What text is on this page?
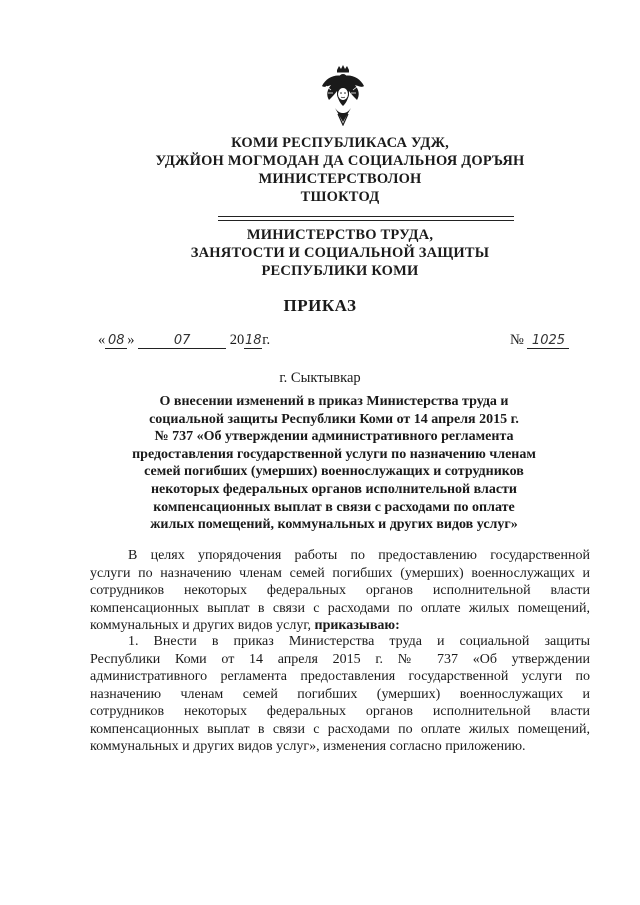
КОМИ РЕСПУБЛИКАСА УДЖ,
УДЖЙОН МОГМОДАН ДА СОЦИАЛЬНОЯ ДОРЪЯН
МИНИСТЕРСТВОЛОН
ТШОКТОД
МИНИСТЕРСТВО ТРУДА,
ЗАНЯТОСТИ И СОЦИАЛЬНОЙ ЗАЩИТЫ
РЕСПУБЛИКИ КОМИ
ПРИКАЗ
« 08 »	07	2018г.	№ 1025
г. Сыктывкар
О внесении изменений в приказ Министерства труда и
социальной защиты Республики Коми от 14 апреля 2015 г.
№ 737 «Об утверждении административного регламента
предоставления государственной услуги по назначению членам
семей погибших (умерших) военнослужащих и сотрудников
некоторых федеральных органов исполнительной власти
компенсационных выплат в связи с расходами по оплате
жилых помещений, коммунальных и других видов услуг»
В целях упорядочения работы по предоставлению государственной
услуги по назначению членам семей погибших (умерших) военнослужащих и
сотрудников некоторых федеральных органов исполнительной власти
компенсационных выплат в связи с расходами по оплате жилых помещений,
коммунальных и других видов услуг, приказываю:
1. Внести в приказ Министерства труда и социальной защиты
Республики Коми от 14 апреля 2015 г. № 737 «Об утверждении
административного регламента предоставления государственной услуги по
назначению членам семей погибших (умерших) военнослужащих и
сотрудников некоторых федеральных органов исполнительной власти
компенсационных выплат в связи с расходами по оплате жилых помещений,
коммунальных и других видов услуг», изменения согласно приложению.
